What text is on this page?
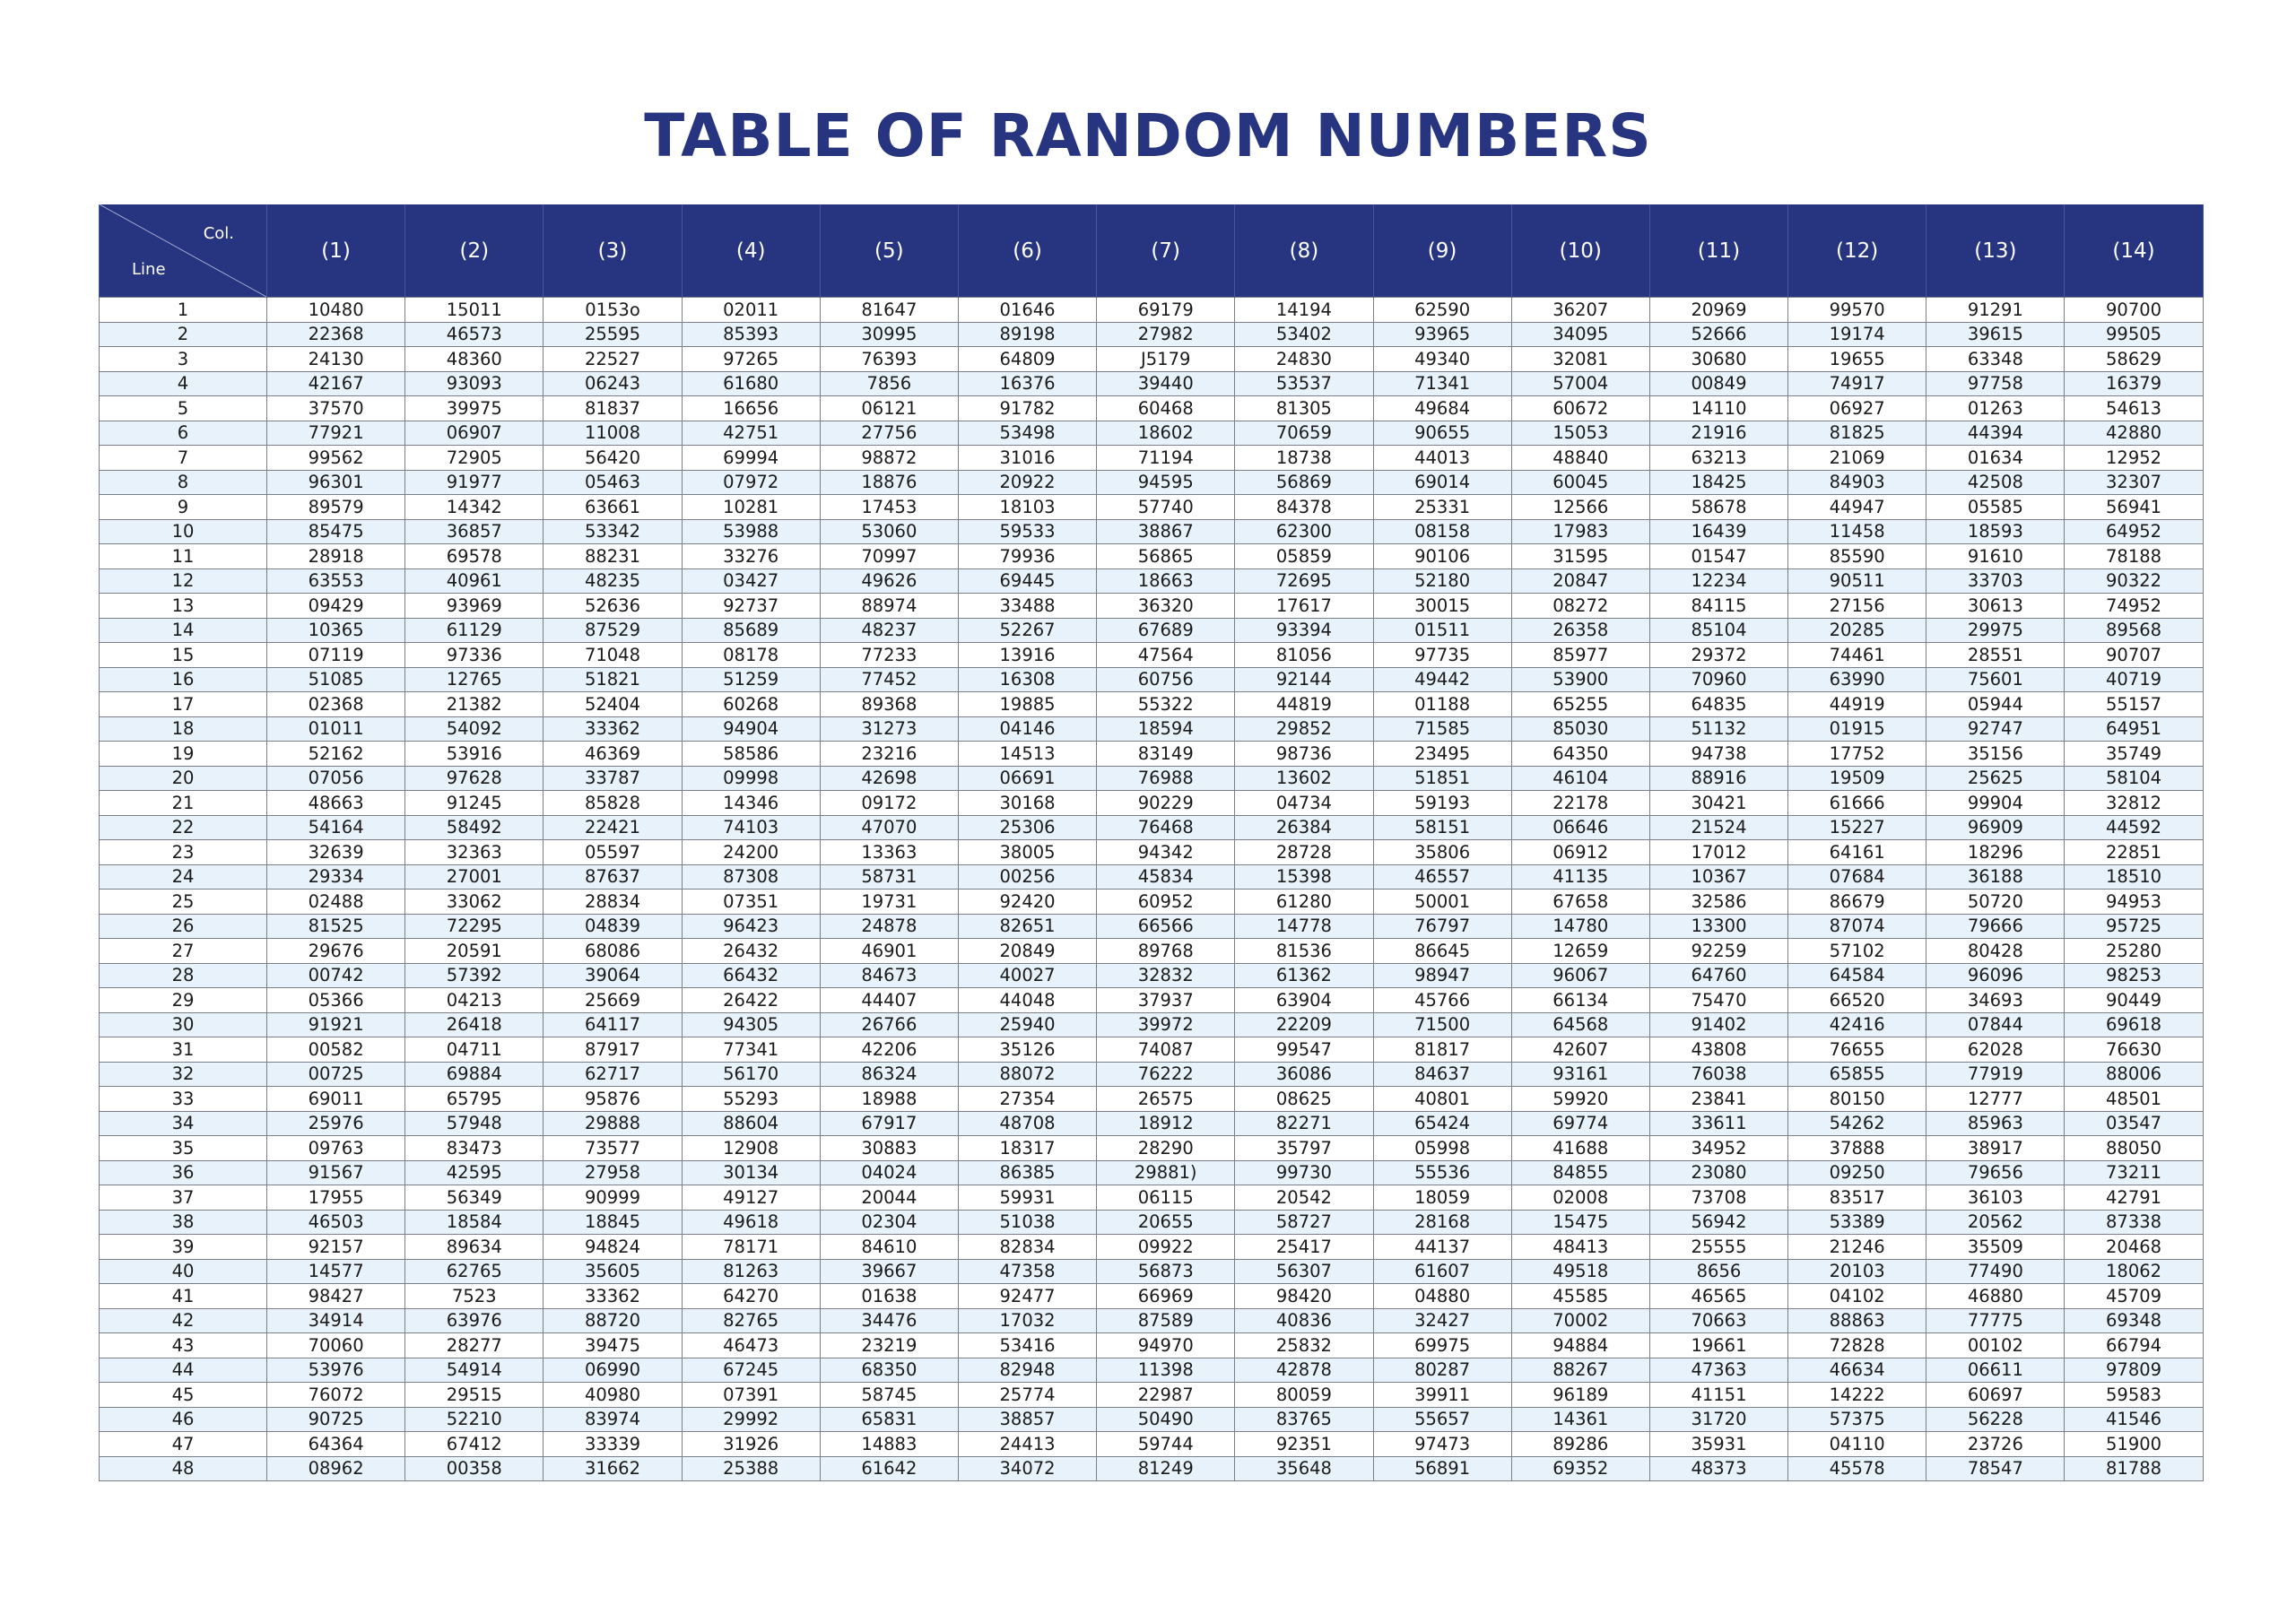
TABLE OF RANDOM NUMBERS
Col.
Line	(1)	(2)	(3)	(4)	(5)	(6)	(7)	(8)	(9)	(10)	(11)	(12)	(13)	(14)
1	10480	15011	0153o	02011	81647	01646	69179	14194	62590	36207	20969	99570	91291	90700
2	22368	46573	25595	85393	30995	89198	27982	53402	93965	34095	52666	19174	39615	99505
3	24130	48360	22527	97265	76393	64809	J5179	24830	49340	32081	30680	19655	63348	58629
4	42167	93093	06243	61680	7856	16376	39440	53537	71341	57004	00849	74917	97758	16379
5	37570	39975	81837	16656	06121	91782	60468	81305	49684	60672	14110	06927	01263	54613
6	77921	06907	11008	42751	27756	53498	18602	70659	90655	15053	21916	81825	44394	42880
7	99562	72905	56420	69994	98872	31016	71194	18738	44013	48840	63213	21069	01634	12952
8	96301	91977	05463	07972	18876	20922	94595	56869	69014	60045	18425	84903	42508	32307
9	89579	14342	63661	10281	17453	18103	57740	84378	25331	12566	58678	44947	05585	56941
10	85475	36857	53342	53988	53060	59533	38867	62300	08158	17983	16439	11458	18593	64952
11	28918	69578	88231	33276	70997	79936	56865	05859	90106	31595	01547	85590	91610	78188
12	63553	40961	48235	03427	49626	69445	18663	72695	52180	20847	12234	90511	33703	90322
13	09429	93969	52636	92737	88974	33488	36320	17617	30015	08272	84115	27156	30613	74952
14	10365	61129	87529	85689	48237	52267	67689	93394	01511	26358	85104	20285	29975	89568
15	07119	97336	71048	08178	77233	13916	47564	81056	97735	85977	29372	74461	28551	90707
16	51085	12765	51821	51259	77452	16308	60756	92144	49442	53900	70960	63990	75601	40719
17	02368	21382	52404	60268	89368	19885	55322	44819	01188	65255	64835	44919	05944	55157
18	01011	54092	33362	94904	31273	04146	18594	29852	71585	85030	51132	01915	92747	64951
19	52162	53916	46369	58586	23216	14513	83149	98736	23495	64350	94738	17752	35156	35749
20	07056	97628	33787	09998	42698	06691	76988	13602	51851	46104	88916	19509	25625	58104
21	48663	91245	85828	14346	09172	30168	90229	04734	59193	22178	30421	61666	99904	32812
22	54164	58492	22421	74103	47070	25306	76468	26384	58151	06646	21524	15227	96909	44592
23	32639	32363	05597	24200	13363	38005	94342	28728	35806	06912	17012	64161	18296	22851
24	29334	27001	87637	87308	58731	00256	45834	15398	46557	41135	10367	07684	36188	18510
25	02488	33062	28834	07351	19731	92420	60952	61280	50001	67658	32586	86679	50720	94953
26	81525	72295	04839	96423	24878	82651	66566	14778	76797	14780	13300	87074	79666	95725
27	29676	20591	68086	26432	46901	20849	89768	81536	86645	12659	92259	57102	80428	25280
28	00742	57392	39064	66432	84673	40027	32832	61362	98947	96067	64760	64584	96096	98253
29	05366	04213	25669	26422	44407	44048	37937	63904	45766	66134	75470	66520	34693	90449
30	91921	26418	64117	94305	26766	25940	39972	22209	71500	64568	91402	42416	07844	69618
31	00582	04711	87917	77341	42206	35126	74087	99547	81817	42607	43808	76655	62028	76630
32	00725	69884	62717	56170	86324	88072	76222	36086	84637	93161	76038	65855	77919	88006
33	69011	65795	95876	55293	18988	27354	26575	08625	40801	59920	23841	80150	12777	48501
34	25976	57948	29888	88604	67917	48708	18912	82271	65424	69774	33611	54262	85963	03547
35	09763	83473	73577	12908	30883	18317	28290	35797	05998	41688	34952	37888	38917	88050
36	91567	42595	27958	30134	04024	86385	29881)	99730	55536	84855	23080	09250	79656	73211
37	17955	56349	90999	49127	20044	59931	06115	20542	18059	02008	73708	83517	36103	42791
38	46503	18584	18845	49618	02304	51038	20655	58727	28168	15475	56942	53389	20562	87338
39	92157	89634	94824	78171	84610	82834	09922	25417	44137	48413	25555	21246	35509	20468
40	14577	62765	35605	81263	39667	47358	56873	56307	61607	49518	8656	20103	77490	18062
41	98427	7523	33362	64270	01638	92477	66969	98420	04880	45585	46565	04102	46880	45709
42	34914	63976	88720	82765	34476	17032	87589	40836	32427	70002	70663	88863	77775	69348
43	70060	28277	39475	46473	23219	53416	94970	25832	69975	94884	19661	72828	00102	66794
44	53976	54914	06990	67245	68350	82948	11398	42878	80287	88267	47363	46634	06611	97809
45	76072	29515	40980	07391	58745	25774	22987	80059	39911	96189	41151	14222	60697	59583
46	90725	52210	83974	29992	65831	38857	50490	83765	55657	14361	31720	57375	56228	41546
47	64364	67412	33339	31926	14883	24413	59744	92351	97473	89286	35931	04110	23726	51900
48	08962	00358	31662	25388	61642	34072	81249	35648	56891	69352	48373	45578	78547	81788
